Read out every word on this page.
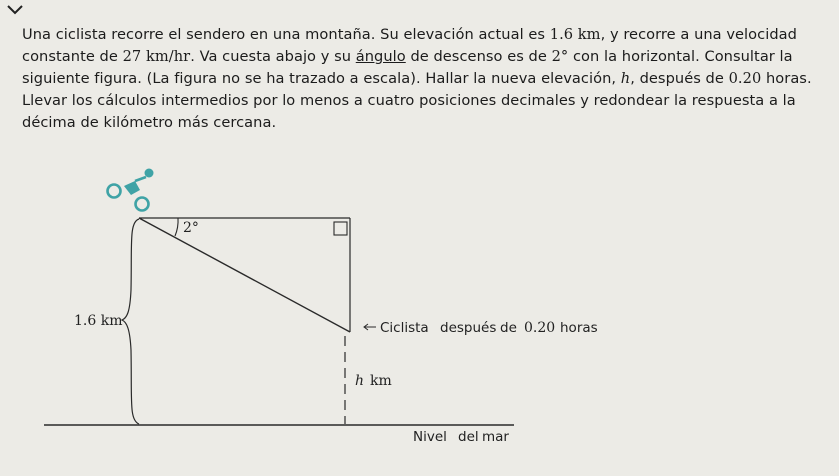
Una ciclista recorre el sendero en una montaña. Su elevación actual es 1.6 km, y recorre a una velocidad constante de 27 km/hr. Va cuesta abajo y su ángulo de descenso es de 2° con la horizontal. Consultar la siguiente figura. (La figura no se ha trazado a escala). Hallar la nueva elevación, h, después de 0.20 horas. Llevar los cálculos intermedios por lo menos a cuatro posiciones decimales y redondear la respuesta a la décima de kilómetro más cercana.
2°
1.6 km	Ciclista después de 0.20 horas
h km
Nivel del mar
